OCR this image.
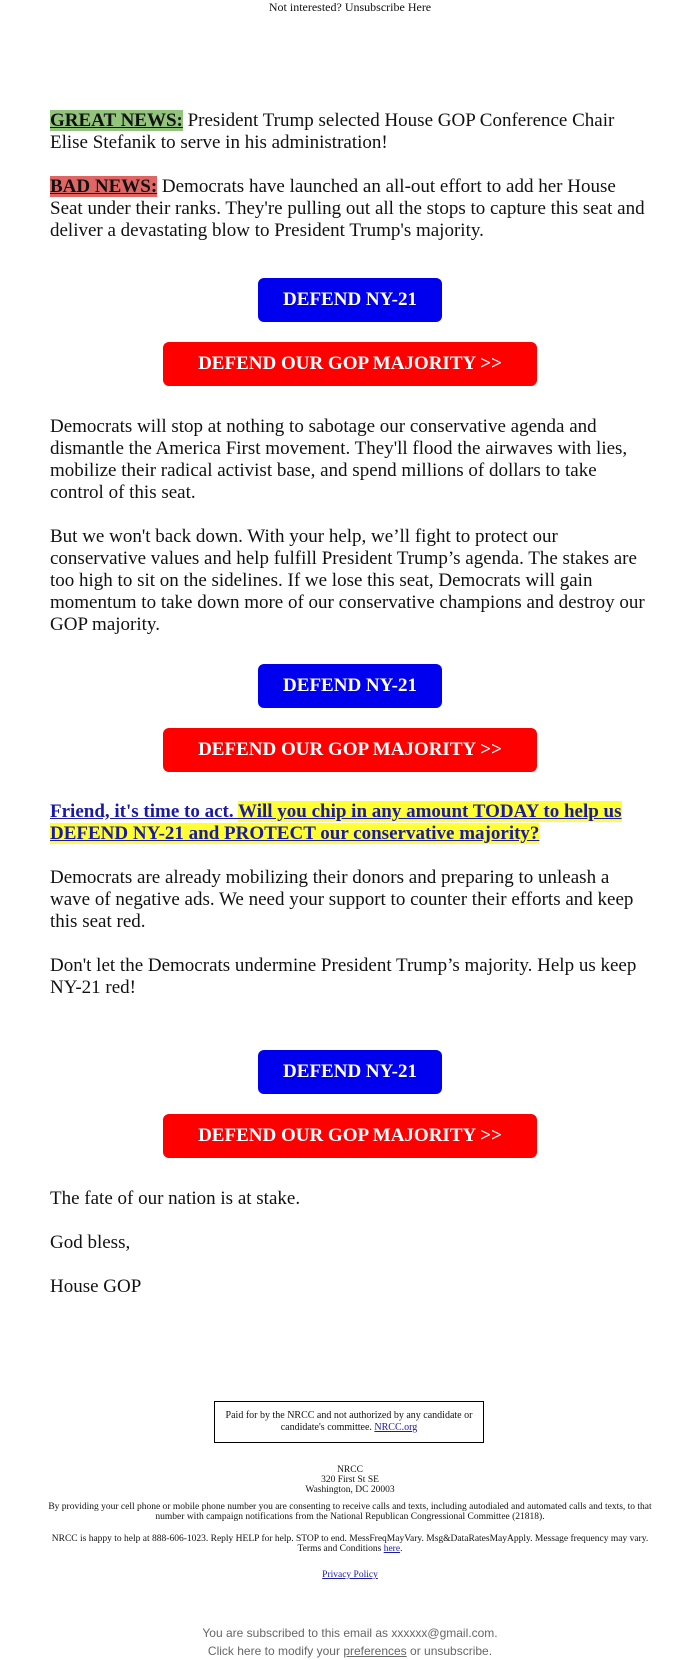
Not interested? Unsubscribe Here

GREAT NEWS: President Trump selected House GOP Conference Chair Elise Stefanik to serve in his administration!

BAD NEWS: Democrats have launched an all-out effort to add her House Seat under their ranks. They're pulling out all the stops to capture this seat and deliver a devastating blow to President Trump's majority.

DEFEND NY-21
DEFEND OUR GOP MAJORITY >>

Democrats will stop at nothing to sabotage our conservative agenda and dismantle the America First movement. They'll flood the airwaves with lies, mobilize their radical activist base, and spend millions of dollars to take control of this seat.

But we won't back down. With your help, we’ll fight to protect our conservative values and help fulfill President Trump’s agenda. The stakes are too high to sit on the sidelines. If we lose this seat, Democrats will gain momentum to take down more of our conservative champions and destroy our GOP majority.

DEFEND NY-21
DEFEND OUR GOP MAJORITY >>
Friend, it's time to act. Will you chip in any amount TODAY to help us DEFEND NY-21 and PROTECT our conservative majority?

Democrats are already mobilizing their donors and preparing to unleash a wave of negative ads. We need your support to counter their efforts and keep this seat red.

Don't let the Democrats undermine President Trump’s majority. Help us keep NY-21 red!

DEFEND NY-21
DEFEND OUR GOP MAJORITY >>

The fate of our nation is at stake.

God bless,

House GOP

Paid for by the NRCC and not authorized by any candidate or candidate's committee. NRCC.org
NRCC
320 First St SE
Washington, DC 20003
By providing your cell phone or mobile phone number you are consenting to receive calls and texts, including autodialed and automated calls and texts, to that number with campaign notifications from the National Republican Congressional Committee (21818).
NRCC is happy to help at 888-606-1023. Reply HELP for help. STOP to end. MessFreqMayVary. Msg&DataRatesMayApply. Message frequency may vary. Terms and Conditions here.
Privacy Policy
You are subscribed to this email as xxxxxx@gmail.com.
Click here to modify your preferences or unsubscribe.
